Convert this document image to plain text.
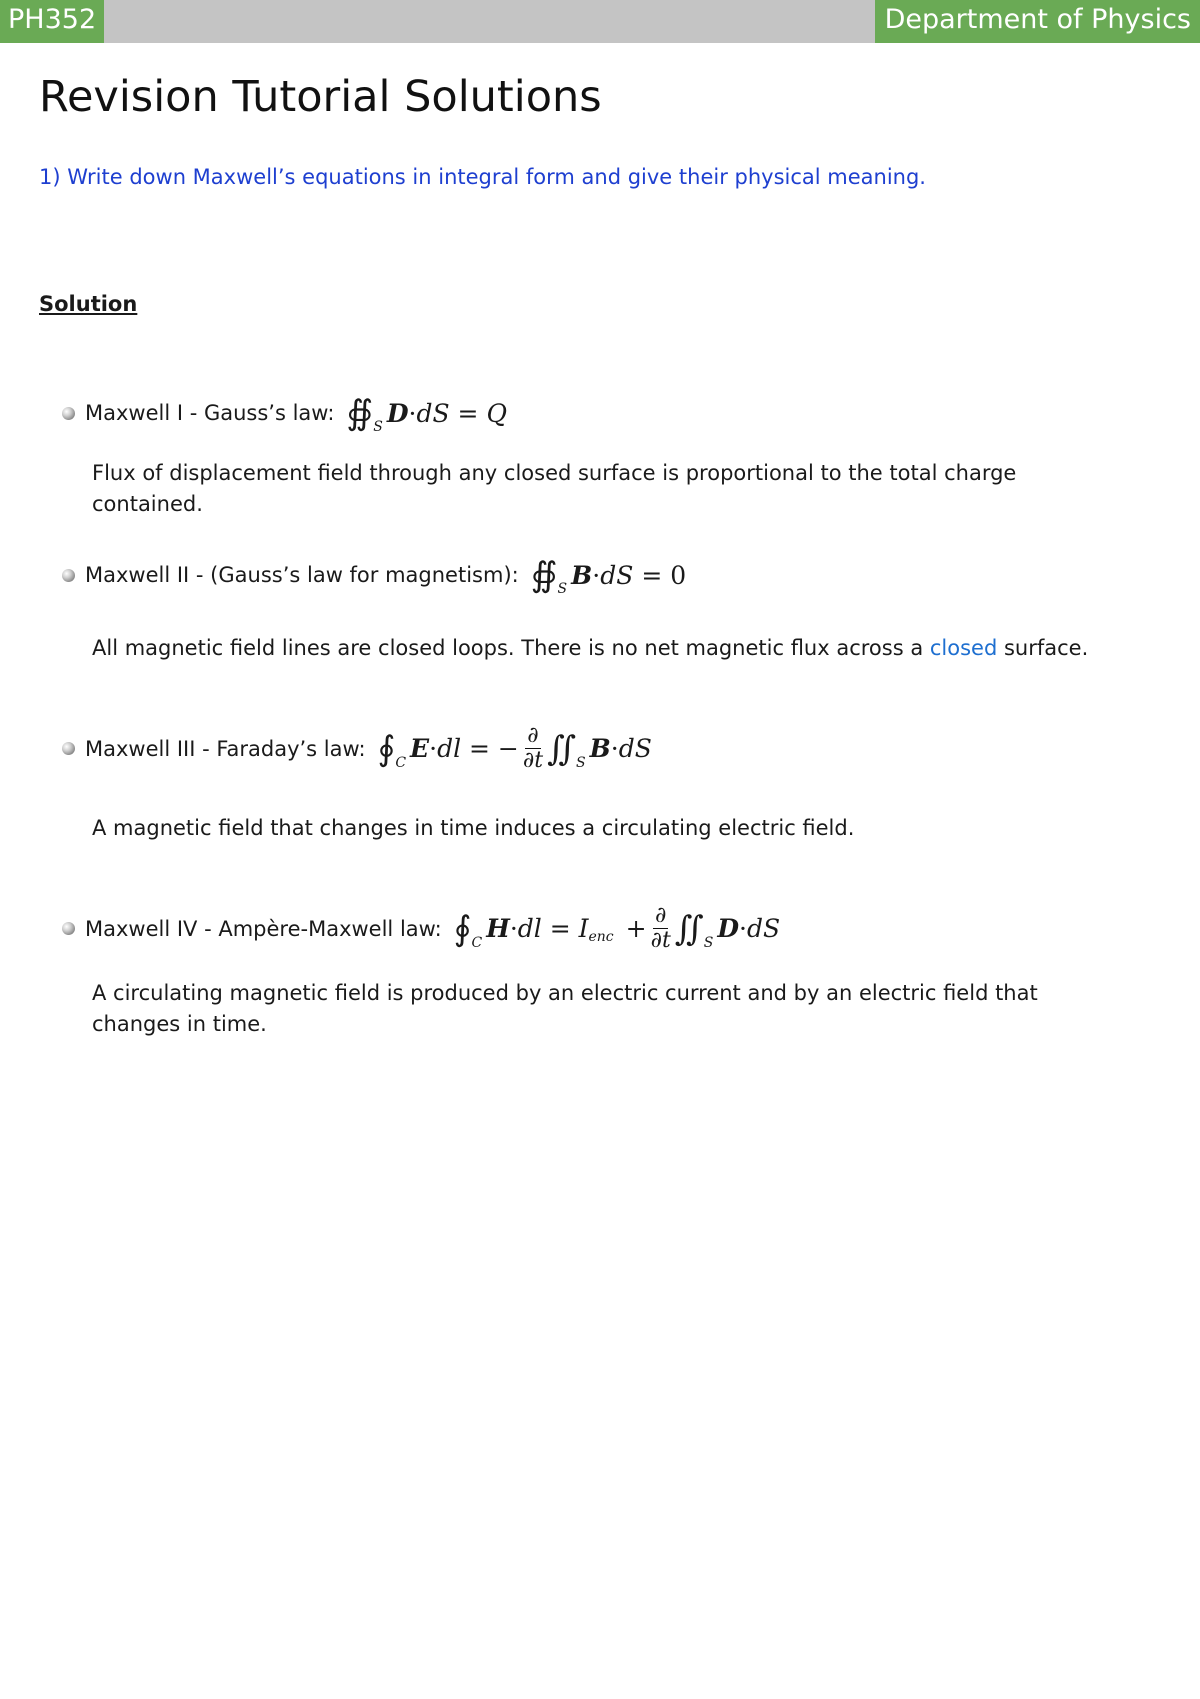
PH352	Department of Physics
Revision Tutorial Solutions
1) Write down Maxwell’s equations in integral form and give their physical meaning.
Solution
Maxwell I - Gauss’s law: ∯ S D · dS = Q
Flux of displacement field through any closed surface is proportional to the total charge contained.
Maxwell II - (Gauss’s law for magnetism): ∯ S B · dS = 0
All magnetic field lines are closed loops. There is no net magnetic flux across a closed surface.
Maxwell III - Faraday’s law: ∮ C E · dl = − $\frac{\partial}{\partial t}$ ∬ S B · dS
A magnetic field that changes in time induces a circulating electric field.
Maxwell IV - Ampère-Maxwell law: ∮ C H · dl = I enc + $\frac{\partial}{\partial t}$ ∬ S D · dS
A circulating magnetic field is produced by an electric current and by an electric field that changes in time.
